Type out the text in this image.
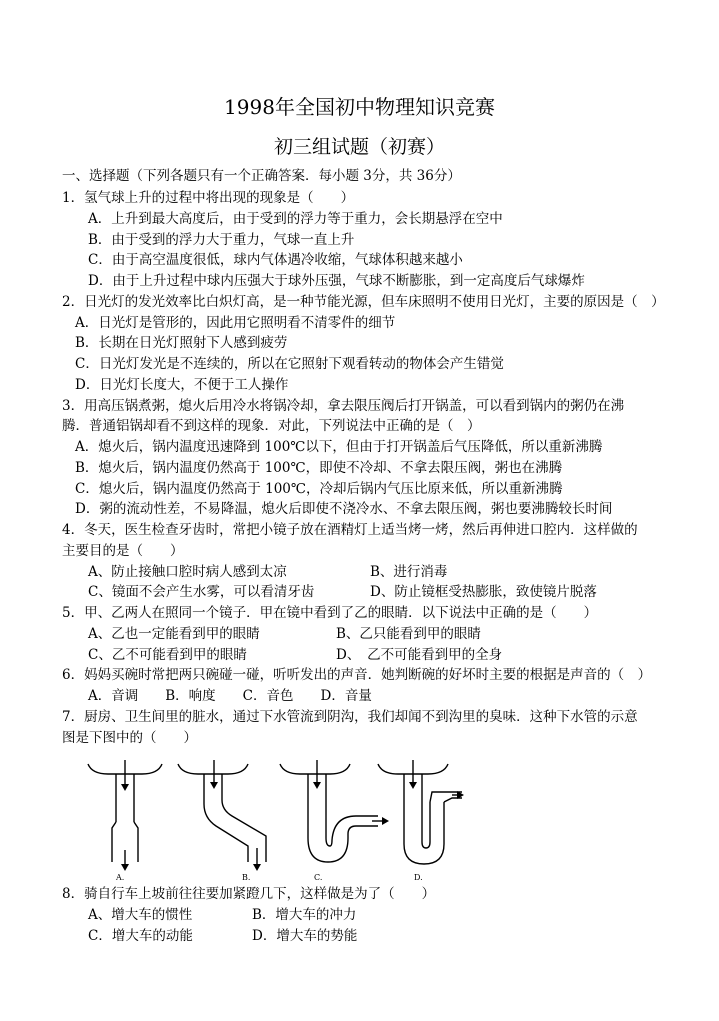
1998年全国初中物理知识竞赛
初三组试题（初赛）
一、选择题（下列各题只有一个正确答案．每小题 3分，共 36分）
1．氢气球上升的过程中将出现的现象是（　　）
A．上升到最大高度后，由于受到的浮力等于重力，会长期悬浮在空中
B．由于受到的浮力大于重力，气球一直上升
C．由于高空温度很低，球内气体遇冷收缩，气球体积越来越小
D．由于上升过程中球内压强大于球外压强，气球不断膨胀，到一定高度后气球爆炸
2．日光灯的发光效率比白炽灯高，是一种节能光源，但车床照明不使用日光灯，主要的原因是（　）
A．日光灯是管形的，因此用它照明看不清零件的细节
B．长期在日光灯照射下人感到疲劳
C．日光灯发光是不连续的，所以在它照射下观看转动的物体会产生错觉
D．日光灯长度大，不便于工人操作
3．用高压锅煮粥，熄火后用冷水将锅冷却，拿去限压阀后打开锅盖，可以看到锅内的粥仍在沸
腾．普通铝锅却看不到这样的现象．对此，下列说法中正确的是（　）
A．熄火后，锅内温度迅速降到 100℃以下，但由于打开锅盖后气压降低，所以重新沸腾
B．熄火后，锅内温度仍然高于 100℃，即使不冷却、不拿去限压阀，粥也在沸腾
C．熄火后，锅内温度仍然高于 100℃，冷却后锅内气压比原来低，所以重新沸腾
D．粥的流动性差，不易降温，熄火后即使不浇冷水、不拿去限压阀，粥也要沸腾较长时间
4．冬天，医生检查牙齿时，常把小镜子放在酒精灯上适当烤一烤，然后再伸进口腔内．这样做的
主要目的是（　　）
A、防止接触口腔时病人感到太凉	B、进行消毒
C、镜面不会产生水雾，可以看清牙齿	D、防止镜框受热膨胀，致使镜片脱落
5．甲、乙两人在照同一个镜子．甲在镜中看到了乙的眼睛．以下说法中正确的是（　　）
A、乙也一定能看到甲的眼睛	B、乙只能看到甲的眼睛
C、乙不可能看到甲的眼睛	D、　乙不可能看到甲的全身
6．妈妈买碗时常把两只碗碰一碰，听听发出的声音．她判断碗的好坏时主要的根据是声音的（　）
A．音调　　B．响度　　C．音色　　D．音量
7．厨房、卫生间里的脏水，通过下水管流到阴沟，我们却闻不到沟里的臭味．这种下水管的示意
图是下图中的（　　）
A.	B.	C.	D.
8．骑自行车上坡前往往要加紧蹬几下，这样做是为了（　　）
A、增大车的惯性	B．增大车的冲力
C．增大车的动能	D．增大车的势能
